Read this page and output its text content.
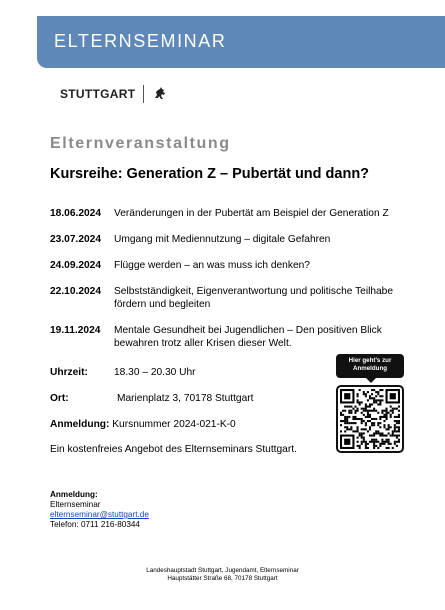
ELTERNSEMINAR
STUTTGART
Elternveranstaltung
Kursreihe: Generation Z – Pubertät und dann?
18.06.2024	Veränderungen in der Pubertät am Beispiel der Generation Z
23.07.2024	Umgang mit Mediennutzung – digitale Gefahren
24.09.2024	Flügge werden – an was muss ich denken?
22.10.2024	Selbstständigkeit, Eigenverantwortung und politische Teilhabe
fördern und begleiten
19.11.2024	Mentale Gesundheit bei Jugendlichen – Den positiven Blick
bewahren trotz aller Krisen dieser Welt.
Uhrzeit:	18.30 – 20.30 Uhr
Ort:	Marienplatz 3, 70178 Stuttgart
Anmeldung: Kursnummer 2024-021-K-0
Ein kostenfreies Angebot des Elternseminars Stuttgart.
Hier geht's zur
Anmeldung
Anmeldung:
Elternseminar
elternseminar@stuttgart.de
Telefon: 0711 216-80344
Landeshauptstadt Stuttgart, Jugendamt, Elternseminar
Hauptstätter Straße 68, 70178 Stuttgart
